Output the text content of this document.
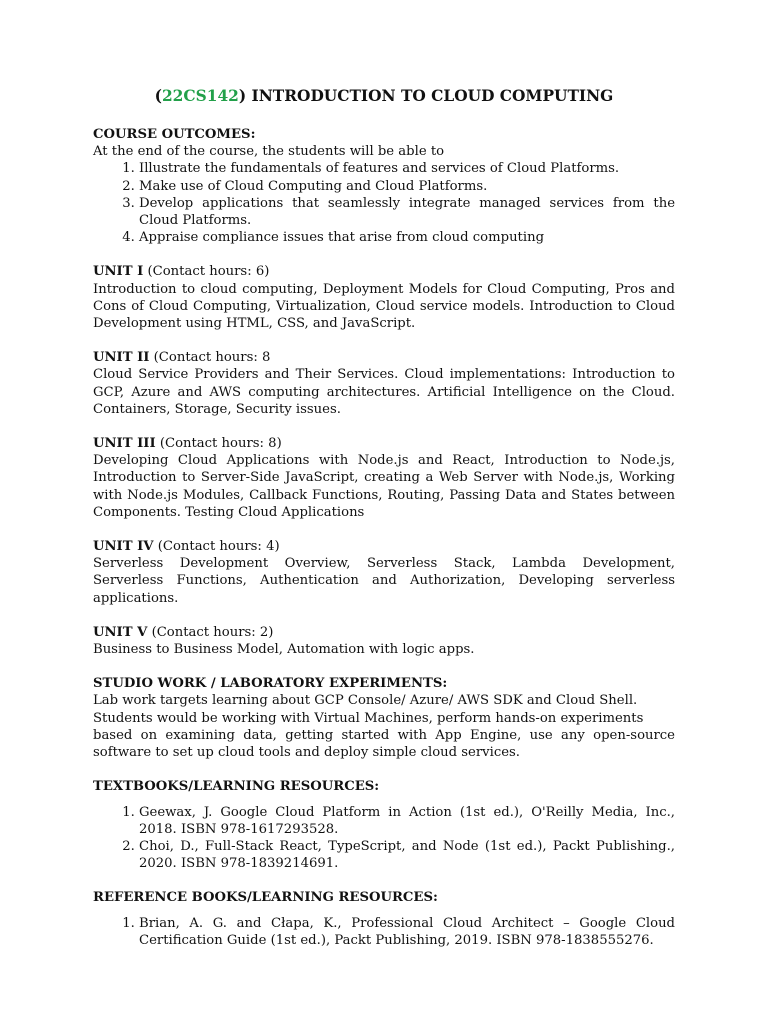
(22CS142) INTRODUCTION TO CLOUD COMPUTING
COURSE OUTCOMES:
At the end of the course, the students will be able to
1. Illustrate the fundamentals of features and services of Cloud Platforms.
2. Make use of Cloud Computing and Cloud Platforms.
3. Develop applications that seamlessly integrate managed services from the Cloud Platforms.
4. Appraise compliance issues that arise from cloud computing
UNIT I (Contact hours: 6)
Introduction to cloud computing, Deployment Models for Cloud Computing, Pros and Cons of Cloud Computing, Virtualization, Cloud service models. Introduction to Cloud Development using HTML, CSS, and JavaScript.
UNIT II (Contact hours: 8
Cloud Service Providers and Their Services. Cloud implementations: Introduction to GCP, Azure and AWS computing architectures. Artificial Intelligence on the Cloud. Containers, Storage, Security issues.
UNIT III (Contact hours: 8)
Developing Cloud Applications with Node.js and React, Introduction to Node.js, Introduction to Server-Side JavaScript, creating a Web Server with Node.js, Working with Node.js Modules, Callback Functions, Routing, Passing Data and States between Components. Testing Cloud Applications
UNIT IV (Contact hours: 4)
Serverless Development Overview, Serverless Stack, Lambda Development, Serverless Functions, Authentication and Authorization, Developing serverless applications.
UNIT V (Contact hours: 2)
Business to Business Model, Automation with logic apps.
STUDIO WORK / LABORATORY EXPERIMENTS:
Lab work targets learning about GCP Console/ Azure/ AWS SDK and Cloud Shell.
Students would be working with Virtual Machines, perform hands-on experiments
based on examining data, getting started with App Engine, use any open-source software to set up cloud tools and deploy simple cloud services.
TEXTBOOKS/LEARNING RESOURCES:
1. Geewax, J. Google Cloud Platform in Action (1st ed.), O'Reilly Media, Inc., 2018. ISBN 978-1617293528.
2. Choi, D., Full-Stack React, TypeScript, and Node (1st ed.), Packt Publishing., 2020. ISBN 978-1839214691.
REFERENCE BOOKS/LEARNING RESOURCES:
1. Brian, A. G. and Cłapa, K., Professional Cloud Architect – Google Cloud Certification Guide (1st ed.), Packt Publishing, 2019. ISBN 978-1838555276.
